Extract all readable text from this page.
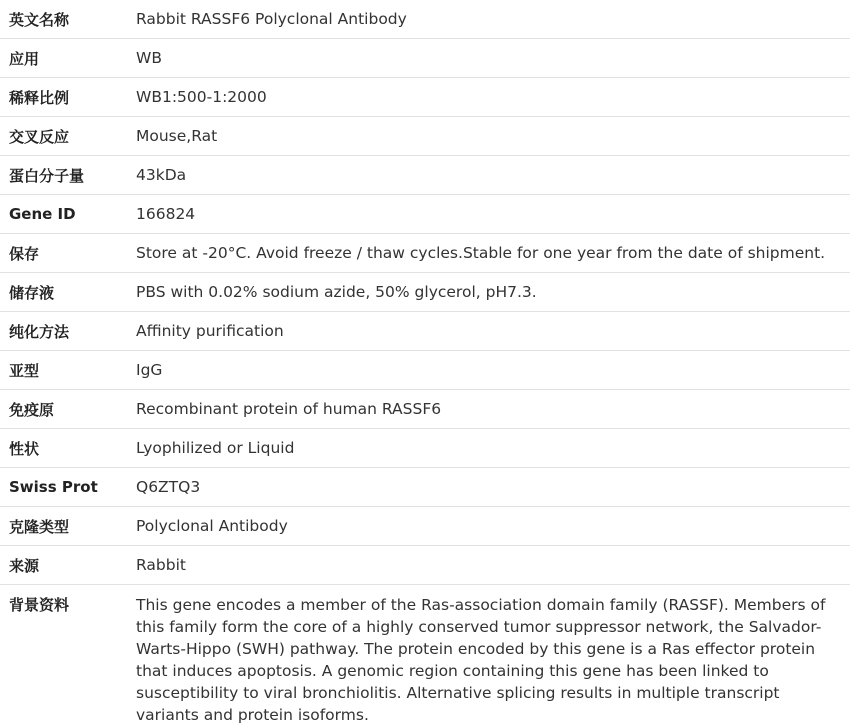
英文名称	Rabbit RASSF6 Polyclonal Antibody
应用	WB
稀释比例	WB1:500-1:2000
交叉反应	Mouse,Rat
蛋白分子量	43kDa
Gene ID	166824
保存	Store at -20°C. Avoid freeze / thaw cycles.Stable for one year from the date of shipment.
储存液	PBS with 0.02% sodium azide, 50% glycerol, pH7.3.
纯化方法	Affinity purification
亚型	IgG
免疫原	Recombinant protein of human RASSF6
性状	Lyophilized or Liquid
Swiss Prot	Q6ZTQ3
克隆类型	Polyclonal Antibody
来源	Rabbit
背景资料	This gene encodes a member of the Ras-association domain family (RASSF). Members of this family form the core of a highly conserved tumor suppressor network, the Salvador-Warts-Hippo (SWH) pathway. The protein encoded by this gene is a Ras effector protein that induces apoptosis. A genomic region containing this gene has been linked to susceptibility to viral bronchiolitis. Alternative splicing results in multiple transcript variants and protein isoforms.
